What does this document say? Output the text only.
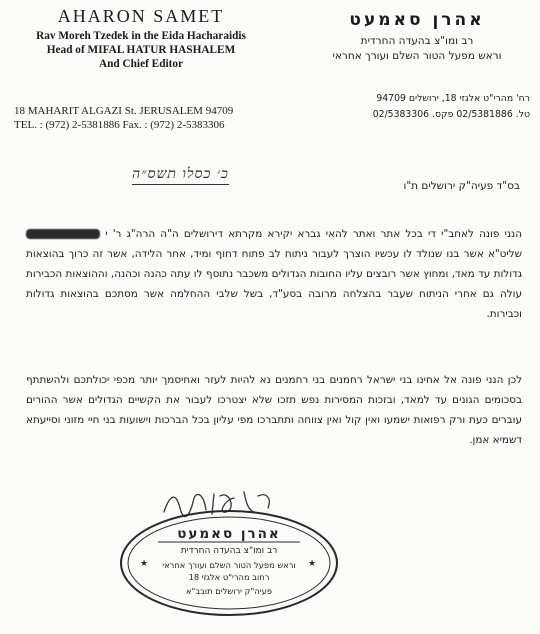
AHARON SAMET
Rav Moreh Tzedek in the Eida Hacharaidis
Head of MIFAL HATUR HASHALEM
And Chief Editor
18 MAHARIT ALGAZI St. JERUSALEM 94709
TEL. : (972) 2-5381886 Fax. : (972) 2-5383306
אהרן סאמעט
רב ומו"צ בהעדה החרדית
וראש מפעל הטור השלם ועורך אחראי
רח' מהרי"ט אלגזי 18, ירושלים 94709
טל. 02/5381886 פקס. 02/5383306
בס"ד פעיה"ק ירושלים ת"ו
כ׳ כסלו תשס״ה
הנני פונה לאחב"י די בכל אתר ואתר להאי גברא יקירא מקרתא דירושלים ה"ה הרה"ג ר' י  שליט"א אשר בנו שנולד לו עכשיו הוצרך לעבור ניתוח לב פתוח דחוף ומיד, אחר הלידה, אשר זה כרוך בהוצאות גדולות עד מאד, ומחוץ אשר רובצים עליו החובות הגדולים משכבר נתוסף לו עתה כהנה וכהנה, וההוצאות הכבירות עולה גם אחרי הניתוח שעבר בהצלחה מרובה בסע"ד, בשל שלבי ההחלמה אשר מסתכם בהוצאות גדולות וכבירות.
לכן הנני פונה אל אחינו בני ישראל רחמנים בני רחמנים נא להיות לעזר ואחיסמך יותר מכפי יכולתכם ולהשתתף בסכומים הגונים עד למאד, ובזכות המסירות נפש תזכו שלא יצטרכו לעבור את הקשיים הגדולים אשר ההורים עוברים כעת ורק רפואות ישמעו ואין קול ואין צווחה ותתברכו מפי עליון בכל הברכות וישועות בני חיי מזוני וסייעתא דשמיא אמן.
★	★
אהרן סאמעט
רב ומו"צ בהעדה החרדית
וראש מפעל הטור השלם ועורך אחראי
רחוב מהרי"ט אלגזי 18
פעיה"ק ירושלים תובב"א
